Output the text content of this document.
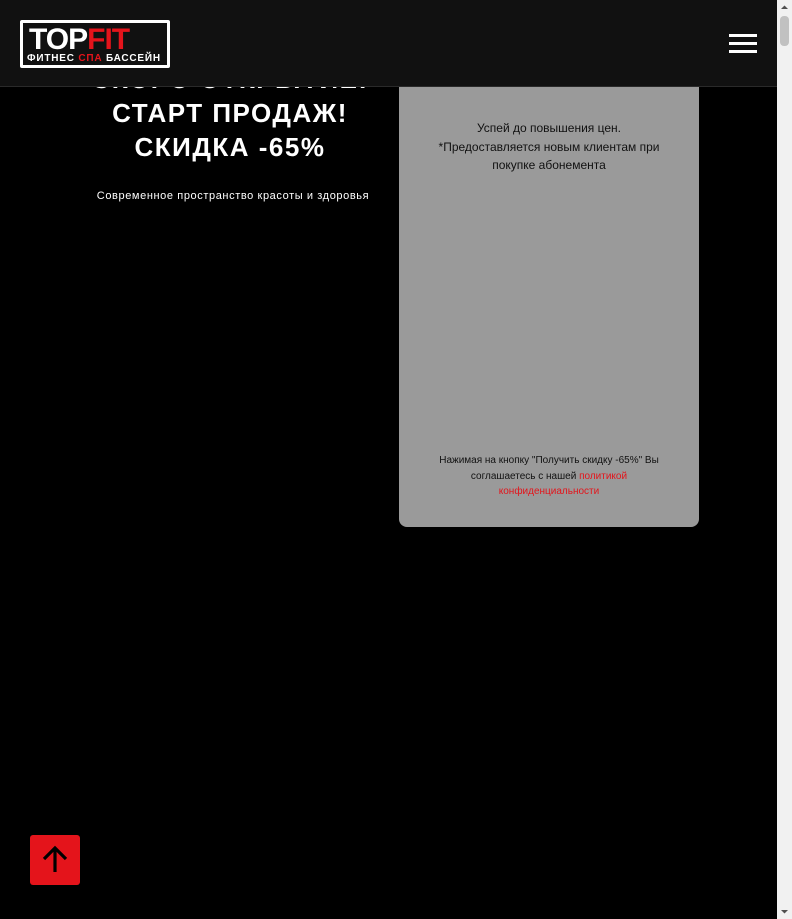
СТАРТ ПРОДАЖ!

СКИДКА -65%

Современное пространство красоты и здоровья

Успей до повышения цен.

*Предоставляется новым клиентам при покупке абонемента

Нажимая на кнопку "Получить скидку -65%" Вы соглашаетесь с нашей политикой конфиденциальности
TOPFIT
ФИТНЕС СПА БАССЕЙН
